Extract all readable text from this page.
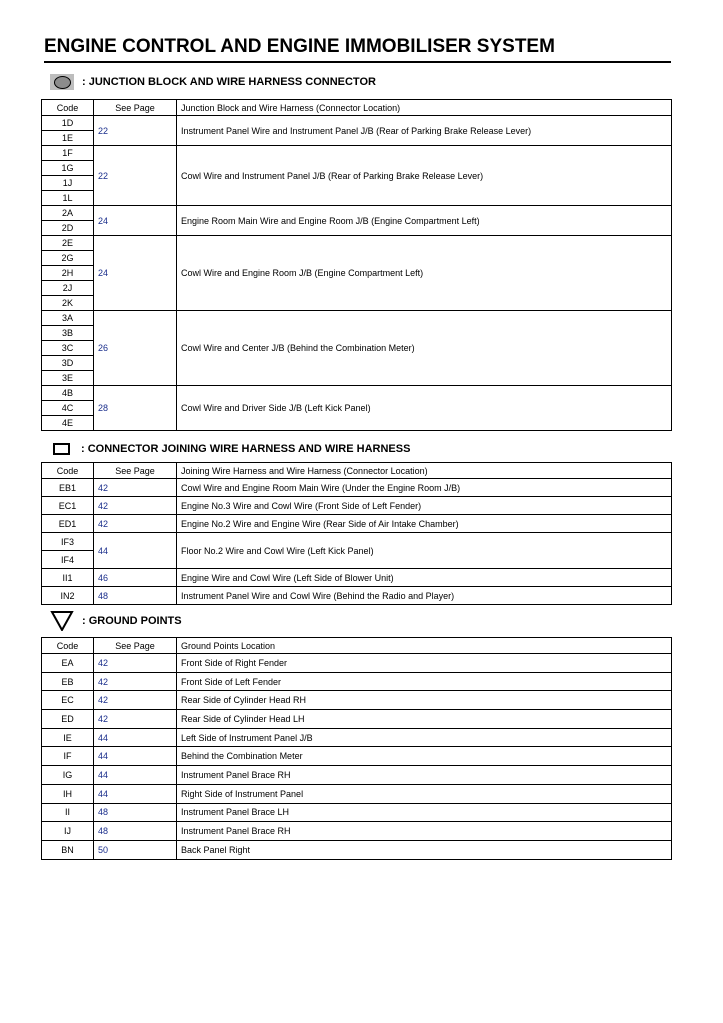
ENGINE CONTROL AND ENGINE IMMOBILISER SYSTEM
: JUNCTION BLOCK AND WIRE HARNESS CONNECTOR
Code	See Page	Junction Block and Wire Harness (Connector Location)
1D	22	Instrument Panel Wire and Instrument Panel J/B (Rear of Parking Brake Release Lever)
1E		
1F	22	Cowl Wire and Instrument Panel J/B (Rear of Parking Brake Release Lever)
1G		
1J		
1L		
2A	24	Engine Room Main Wire and Engine Room J/B (Engine Compartment Left)
2D		
2E	24	Cowl Wire and Engine Room J/B (Engine Compartment Left)
2G		
2H		
2J		
2K		
3A	26	Cowl Wire and Center J/B (Behind the Combination Meter)
3B		
3C		
3D		
3E		
4B	28	Cowl Wire and Driver Side J/B (Left Kick Panel)
4C		
4E		
: CONNECTOR JOINING WIRE HARNESS AND WIRE HARNESS
Code	See Page	Joining Wire Harness and Wire Harness (Connector Location)
EB1	42	Cowl Wire and Engine Room Main Wire (Under the Engine Room J/B)
EC1	42	Engine No.3 Wire and Cowl Wire (Front Side of Left Fender)
ED1	42	Engine No.2 Wire and Engine Wire (Rear Side of Air Intake Chamber)
IF3	44	Floor No.2 Wire and Cowl Wire (Left Kick Panel)
IF4		
II1	46	Engine Wire and Cowl Wire (Left Side of Blower Unit)
IN2	48	Instrument Panel Wire and Cowl Wire (Behind the Radio and Player)
: GROUND POINTS
Code	See Page	Ground Points Location
EA	42	Front Side of Right Fender
EB	42	Front Side of Left Fender
EC	42	Rear Side of Cylinder Head RH
ED	42	Rear Side of Cylinder Head LH
IE	44	Left Side of Instrument Panel J/B
IF	44	Behind the Combination Meter
IG	44	Instrument Panel Brace RH
IH	44	Right Side of Instrument Panel
II	48	Instrument Panel Brace LH
IJ	48	Instrument Panel Brace RH
BN	50	Back Panel Right
